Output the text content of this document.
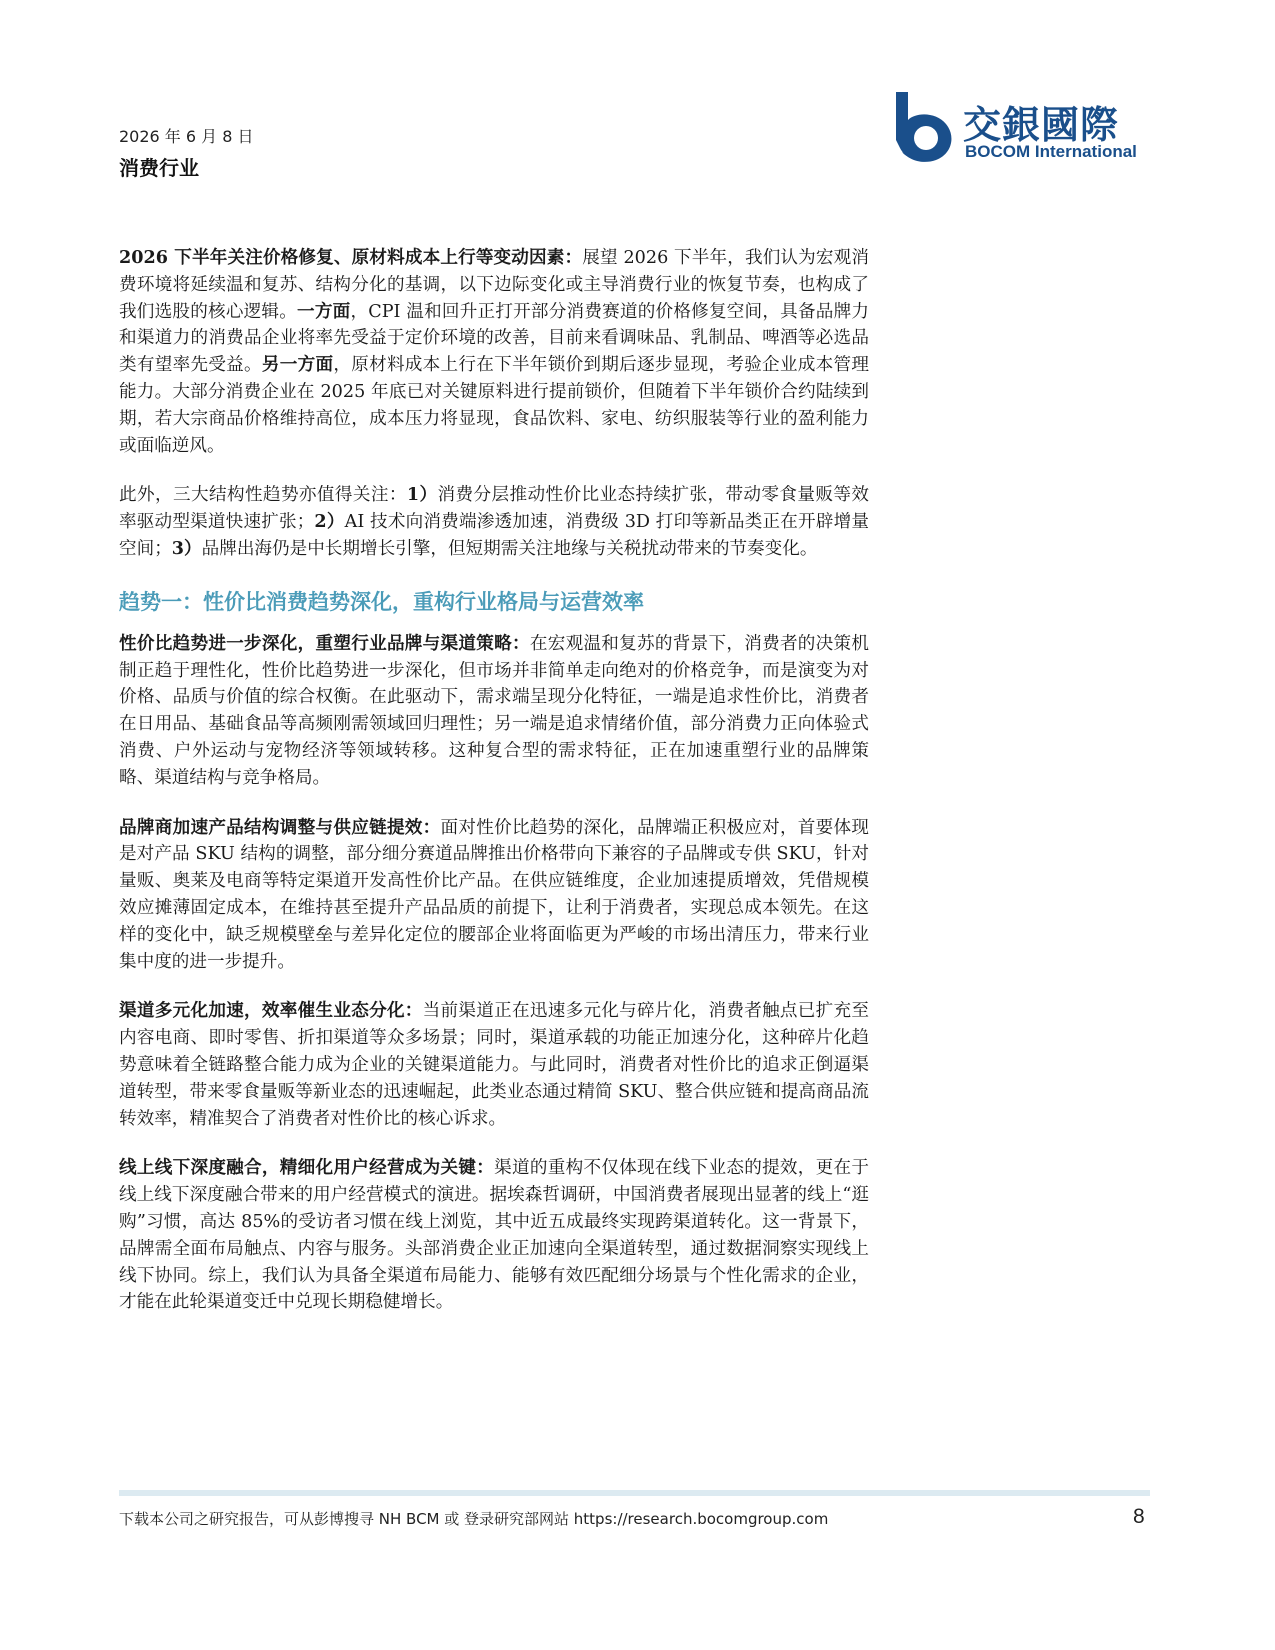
2026 年 6 月 8 日
消费行业
交銀國際
BOCOM International

2026 下半年关注价格修复、原材料成本上行等变动因素：展望 2026 下半年，我们认为宏观消费环境将延续温和复苏、结构分化的基调，以下边际变化或主导消费行业的恢复节奏，也构成了我们选股的核心逻辑。一方面，CPI 温和回升正打开部分消费赛道的价格修复空间，具备品牌力和渠道力的消费品企业将率先受益于定价环境的改善，目前来看调味品、乳制品、啤酒等必选品类有望率先受益。另一方面，原材料成本上行在下半年锁价到期后逐步显现，考验企业成本管理能力。大部分消费企业在 2025 年底已对关键原料进行提前锁价，但随着下半年锁价合约陆续到期，若大宗商品价格维持高位，成本压力将显现，食品饮料、家电、纺织服装等行业的盈利能力或面临逆风。

此外，三大结构性趋势亦值得关注：1）消费分层推动性价比业态持续扩张，带动零食量贩等效率驱动型渠道快速扩张；2）AI 技术向消费端渗透加速，消费级 3D 打印等新品类正在开辟增量空间；3）品牌出海仍是中长期增长引擎，但短期需关注地缘与关税扰动带来的节奏变化。

趋势一：性价比消费趋势深化，重构行业格局与运营效率

性价比趋势进一步深化，重塑行业品牌与渠道策略：在宏观温和复苏的背景下，消费者的决策机制正趋于理性化，性价比趋势进一步深化，但市场并非简单走向绝对的价格竞争，而是演变为对价格、品质与价值的综合权衡。在此驱动下，需求端呈现分化特征，一端是追求性价比，消费者在日用品、基础食品等高频刚需领域回归理性；另一端是追求情绪价值，部分消费力正向体验式消费、户外运动与宠物经济等领域转移。这种复合型的需求特征，正在加速重塑行业的品牌策略、渠道结构与竞争格局。

品牌商加速产品结构调整与供应链提效：面对性价比趋势的深化，品牌端正积极应对，首要体现是对产品 SKU 结构的调整，部分细分赛道品牌推出价格带向下兼容的子品牌或专供 SKU，针对量贩、奥莱及电商等特定渠道开发高性价比产品。在供应链维度，企业加速提质增效，凭借规模效应摊薄固定成本，在维持甚至提升产品品质的前提下，让利于消费者，实现总成本领先。在这样的变化中，缺乏规模壁垒与差异化定位的腰部企业将面临更为严峻的市场出清压力，带来行业集中度的进一步提升。

渠道多元化加速，效率催生业态分化：当前渠道正在迅速多元化与碎片化，消费者触点已扩充至内容电商、即时零售、折扣渠道等众多场景；同时，渠道承载的功能正加速分化，这种碎片化趋势意味着全链路整合能力成为企业的关键渠道能力。与此同时，消费者对性价比的追求正倒逼渠道转型，带来零食量贩等新业态的迅速崛起，此类业态通过精简 SKU、整合供应链和提高商品流转效率，精准契合了消费者对性价比的核心诉求。

线上线下深度融合，精细化用户经营成为关键：渠道的重构不仅体现在线下业态的提效，更在于线上线下深度融合带来的用户经营模式的演进。据埃森哲调研，中国消费者展现出显著的线上“逛购”习惯，高达 85%的受访者习惯在线上浏览，其中近五成最终实现跨渠道转化。这一背景下，品牌需全面布局触点、内容与服务。头部消费企业正加速向全渠道转型，通过数据洞察实现线上线下协同。综上，我们认为具备全渠道布局能力、能够有效匹配细分场景与个性化需求的企业，才能在此轮渠道变迁中兑现长期稳健增长。

下载本公司之研究报告，可从彭博搜寻 NH BCM 或 登录研究部网站 https://research.bocomgroup.com	8
